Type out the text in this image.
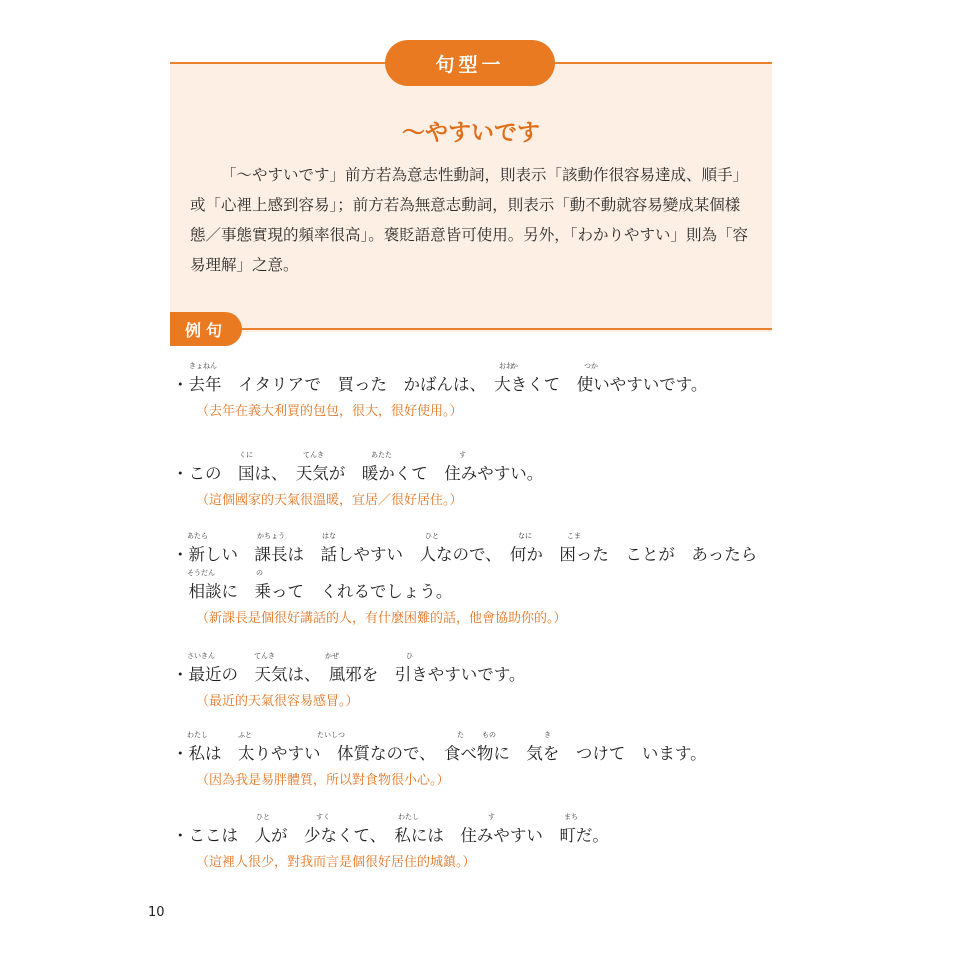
句型一
～やすいです
「～やすいです」前方若為意志性動詞，則表示「該動作很容易達成、順手」或「心裡上感到容易」；前方若為無意志動詞，則表示「動不動就容易變成某個樣態／事態實現的頻率很高」。褒貶語意皆可使用。另外，「わかりやすい」則為「容易理解」之意。
例句
・去年　イタリアで　買った　かばんは、　大きくて　使いやすいです。
きょねん	か
おお	つか
（去年在義大利買的包包，很大，很好使用。）
・この　国は、　天気が　暖かくて　住みやすい。
くに	てんき	あたた	す
（這個國家的天氣很溫暖，宜居／很好居住。）
・新しい　課長は　話しやすい　人なので、　何か　困った　ことが　あったら
あたら	かちょう	はな	ひと	なに	こま
　相談に　乗って　くれるでしょう。
そうだん	の
（新課長是個很好講話的人，有什麼困難的話，他會協助你的。）
・最近の　天気は、　風邪を　引きやすいです。
さいきん	てんき	かぜ	ひ
（最近的天氣很容易感冒。）
・私は　太りやすい　体質なので、　食べ物に　気を　つけて　います。
わたし	ふと	たいしつ	た	もの	き
（因為我是易胖體質，所以對食物很小心。）
・ここは　人が　少なくて、　私には　住みやすい　町だ。
ひと	すく	わたし	す	まち
（這裡人很少，對我而言是個很好居住的城鎮。）
10
